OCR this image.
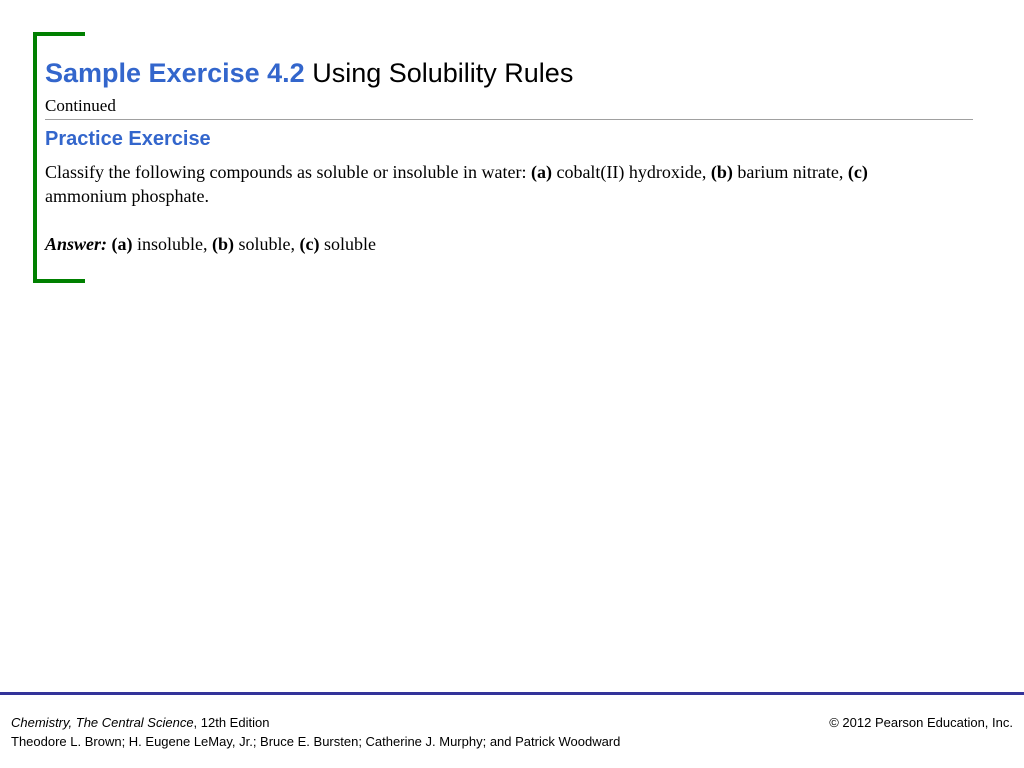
Sample Exercise 4.2 Using Solubility Rules
Continued
Practice Exercise
Classify the following compounds as soluble or insoluble in water: (a) cobalt(II) hydroxide, (b) barium nitrate, (c) ammonium phosphate.
Answer: (a) insoluble, (b) soluble, (c) soluble
Chemistry, The Central Science, 12th Edition
Theodore L. Brown; H. Eugene LeMay, Jr.; Bruce E. Bursten; Catherine J. Murphy; and Patrick Woodward
© 2012 Pearson Education, Inc.
